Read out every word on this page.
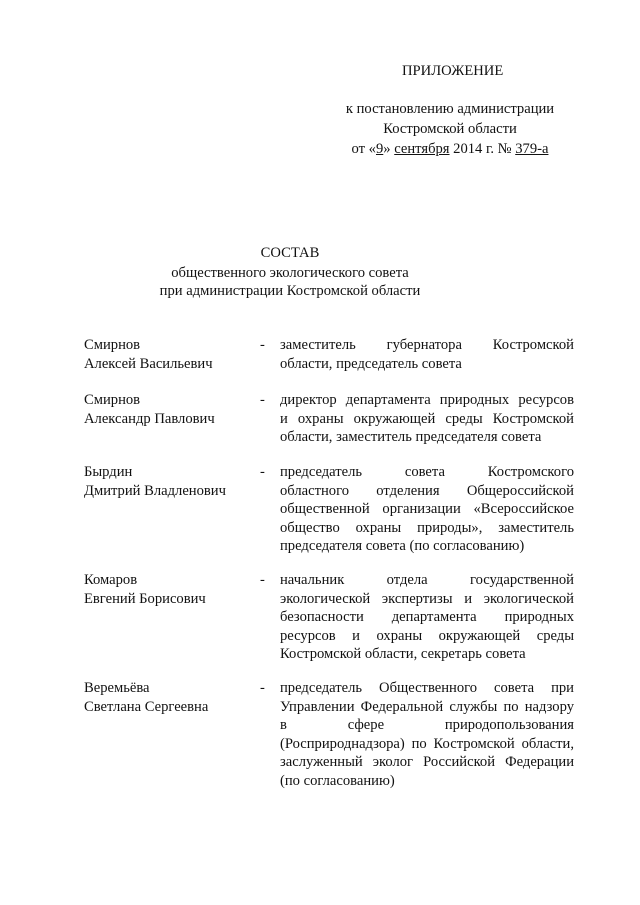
ПРИЛОЖЕНИЕ
к постановлению администрации
Костромской области
от «9» сентября 2014 г. № 379-а
СОСТАВ
общественного экологического совета
при администрации Костромской области
Смирнов
Алексей Васильевич
- заместитель губернатора Костромской
области, председатель совета
Смирнов
Александр Павлович
- директор департамента природных ресурсов
и охраны окружающей среды Костромской
области, заместитель председателя совета
Бырдин
Дмитрий Владленович
- председатель совета Костромского
областного отделения Общероссийской
общественной организации «Всероссийское
общество охраны природы», заместитель
председателя совета (по согласованию)
Комаров
Евгений Борисович
- начальник отдела государственной
экологической экспертизы и экологической
безопасности департамента природных
ресурсов и охраны окружающей среды
Костромской области, секретарь совета
Веремьёва
Светлана Сергеевна
- председатель Общественного совета при
Управлении Федеральной службы по надзору
в сфере природопользования
(Росприроднадзора) по Костромской области,
заслуженный эколог Российской Федерации
(по согласованию)
